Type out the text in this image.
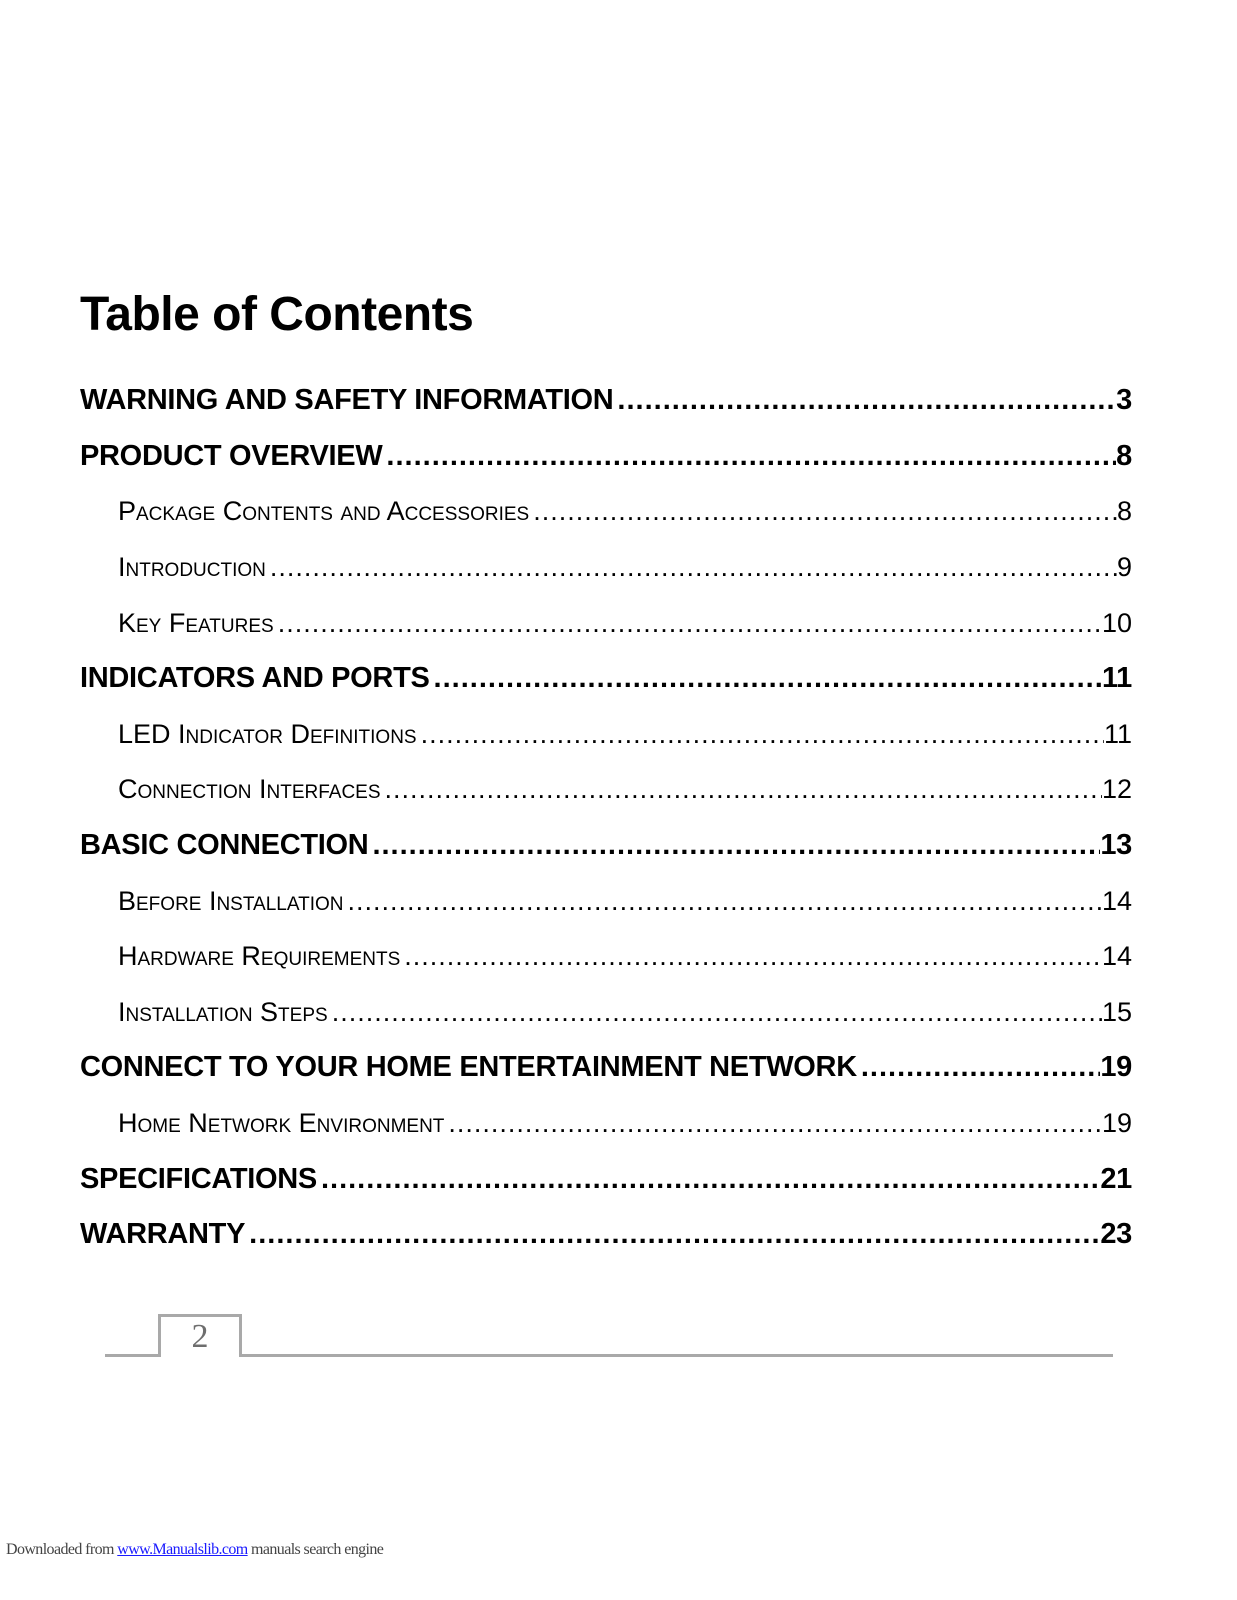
Table of Contents
WARNING AND SAFETY INFORMATION .....	3
PRODUCT OVERVIEW .....	8
Package Contents and Accessories .....	8
Introduction .....	9
Key Features .....	10
INDICATORS AND PORTS .....	11
LED Indicator Definitions .....	11
Connection Interfaces .....	12
BASIC CONNECTION .....	13
Before Installation .....	14
Hardware Requirements .....	14
Installation Steps .....	15
CONNECT TO YOUR HOME ENTERTAINMENT NETWORK .....	19
Home Network Environment .....	19
SPECIFICATIONS .....	21
WARRANTY .....	23
2
Downloaded from www.Manualslib.com manuals search engine
